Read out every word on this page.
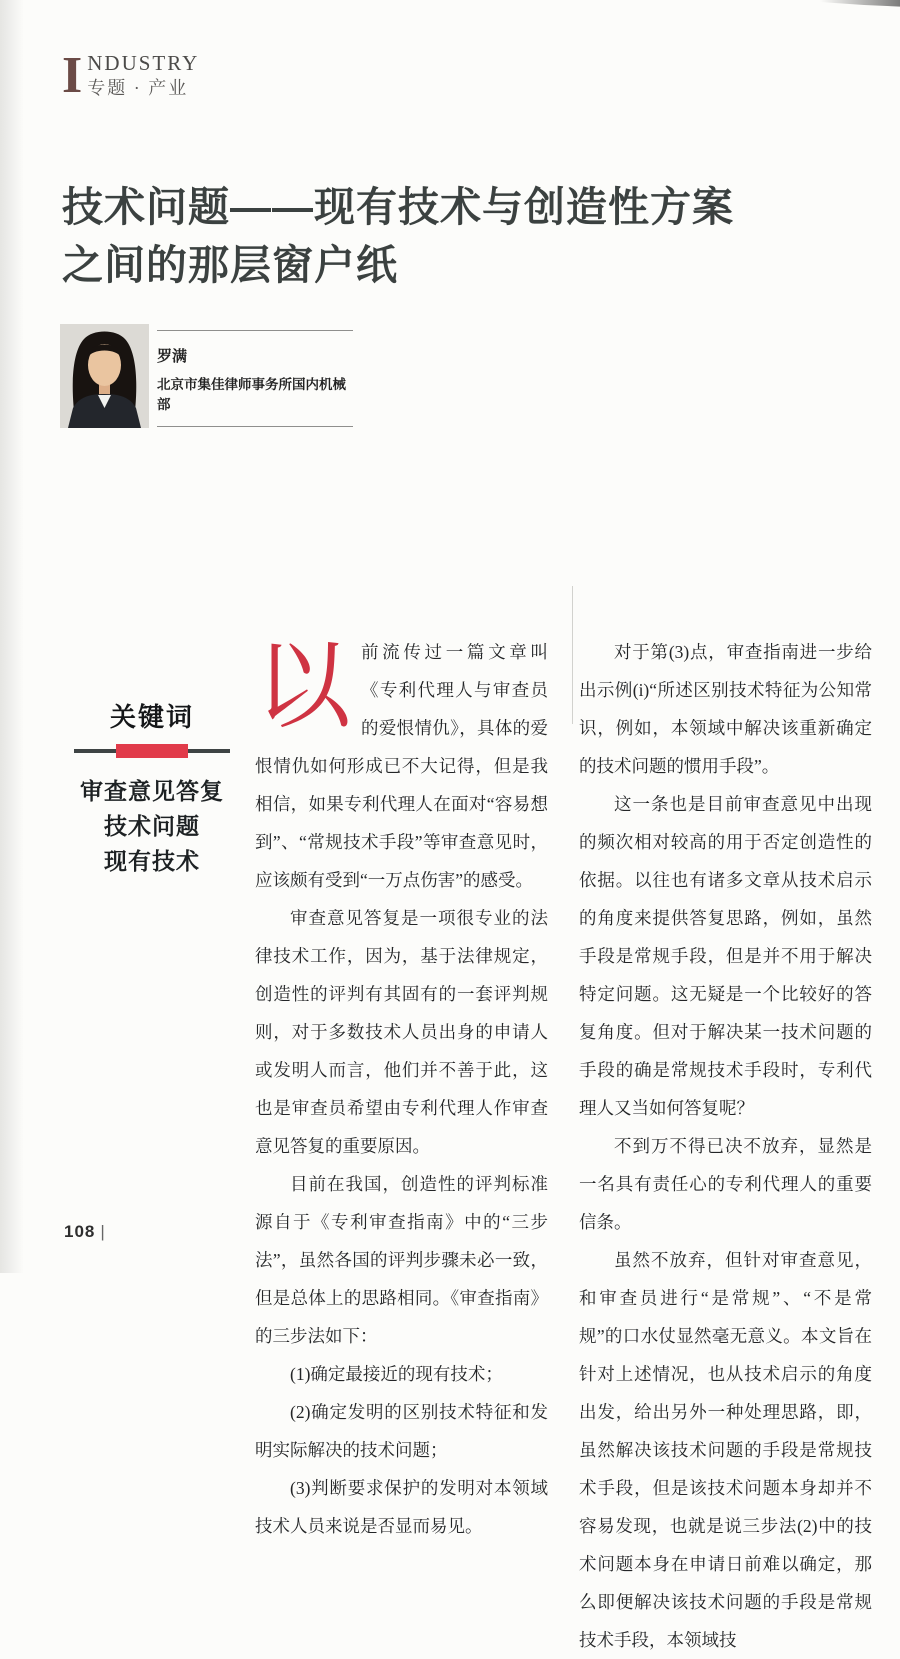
I NDUSTRY
专题 · 产业
技术问题——现有技术与创造性方案
之间的那层窗户纸
罗满
北京市集佳律师事务所国内机械部
关键词
审查意见答复
技术问题
现有技术

以前流传过一篇文章叫《专利代理人与审查员的爱恨情仇》，具体的爱恨情仇如何形成已不大记得，但是我相信，如果专利代理人在面对“容易想到”、“常规技术手段”等审查意见时，应该颇有受到“一万点伤害”的感受。

审查意见答复是一项很专业的法律技术工作，因为，基于法律规定，创造性的评判有其固有的一套评判规则，对于多数技术人员出身的申请人或发明人而言，他们并不善于此，这也是审查员希望由专利代理人作审查意见答复的重要原因。

目前在我国，创造性的评判标准源自于《专利审查指南》中的“三步法”，虽然各国的评判步骤未必一致，但是总体上的思路相同。《审查指南》的三步法如下：

(1)确定最接近的现有技术；

(2)确定发明的区别技术特征和发明实际解决的技术问题；

(3)判断要求保护的发明对本领域技术人员来说是否显而易见。

对于第(3)点，审查指南进一步给出示例(i)“所述区别技术特征为公知常识，例如，本领域中解决该重新确定的技术问题的惯用手段”。

这一条也是目前审查意见中出现的频次相对较高的用于否定创造性的依据。以往也有诸多文章从技术启示的角度来提供答复思路，例如，虽然手段是常规手段，但是并不用于解决特定问题。这无疑是一个比较好的答复角度。但对于解决某一技术问题的手段的确是常规技术手段时，专利代理人又当如何答复呢？

不到万不得已决不放弃，显然是一名具有责任心的专利代理人的重要信条。

虽然不放弃，但针对审查意见，和审查员进行“是常规”、“不是常规”的口水仗显然毫无意义。本文旨在针对上述情况，也从技术启示的角度出发，给出另外一种处理思路，即，虽然解决该技术问题的手段是常规技术手段，但是该技术问题本身却并不容易发现，也就是说三步法(2)中的技术问题本身在申请日前难以确定，那么即便解决该技术问题的手段是常规技术手段，本领域技

108 |
